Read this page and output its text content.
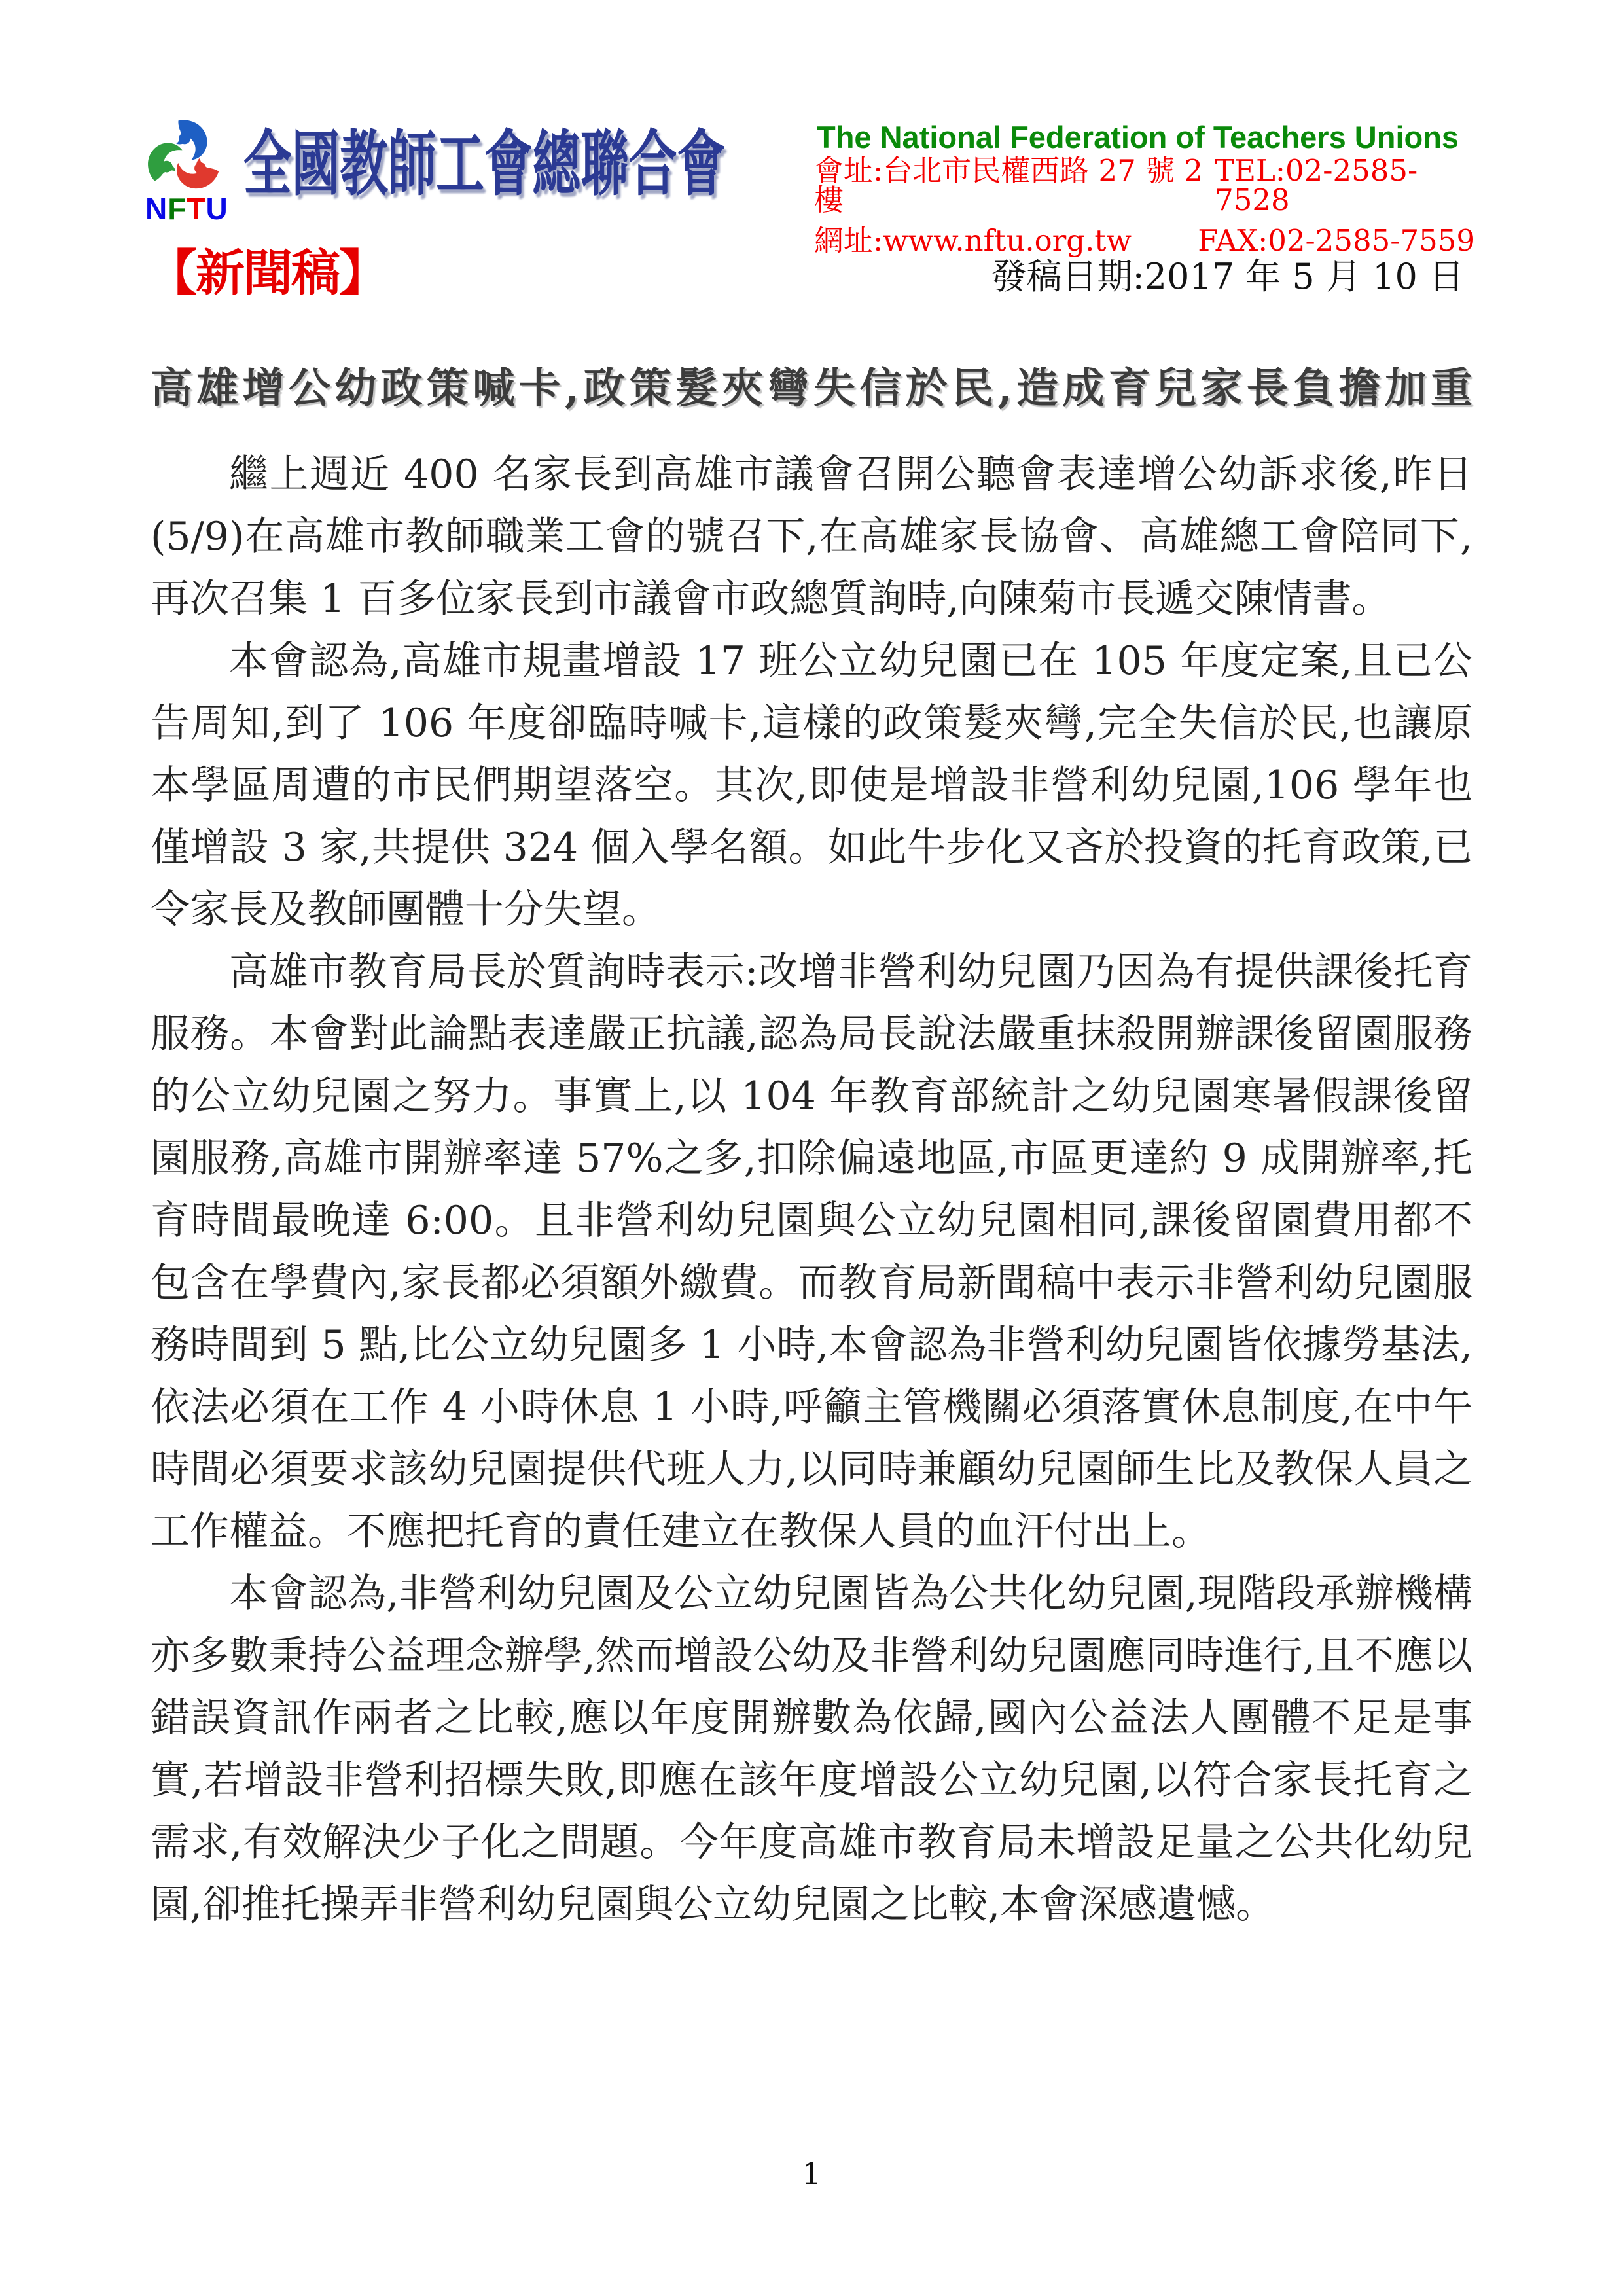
NFTU
全國教師工會總聯合會	The National Federation of Teachers Unions
會址:台北市民權西路 27 號 2 樓
TEL:02-2585-7528
網址:www.nftu.org.tw FAX:02-2585-7559
【新聞稿】	發稿日期:2017 年 5 月 10 日
高雄增公幼政策喊卡,政策髮夾彎失信於民,造成育兒家長負擔加重

繼上週近 400 名家長到高雄市議會召開公聽會表達增公幼訴求後,昨日(5/9)在高雄市教師職業工會的號召下,在高雄家長協會、高雄總工會陪同下,再次召集 1 百多位家長到市議會市政總質詢時,向陳菊市長遞交陳情書。

本會認為,高雄市規畫增設 17 班公立幼兒園已在 105 年度定案,且已公告周知,到了 106 年度卻臨時喊卡,這樣的政策髮夾彎,完全失信於民,也讓原本學區周遭的市民們期望落空。其次,即使是增設非營利幼兒園,106 學年也僅增設 3 家,共提供 324 個入學名額。如此牛步化又吝於投資的托育政策,已令家長及教師團體十分失望。

高雄市教育局長於質詢時表示:改增非營利幼兒園乃因為有提供課後托育服務。本會對此論點表達嚴正抗議,認為局長說法嚴重抹殺開辦課後留園服務的公立幼兒園之努力。事實上,以 104 年教育部統計之幼兒園寒暑假課後留園服務,高雄市開辦率達 57%之多,扣除偏遠地區,市區更達約 9 成開辦率,托育時間最晚達 6:00。且非營利幼兒園與公立幼兒園相同,課後留園費用都不包含在學費內,家長都必須額外繳費。而教育局新聞稿中表示非營利幼兒園服務時間到 5 點,比公立幼兒園多 1 小時,本會認為非營利幼兒園皆依據勞基法,依法必須在工作 4 小時休息 1 小時,呼籲主管機關必須落實休息制度,在中午時間必須要求該幼兒園提供代班人力,以同時兼顧幼兒園師生比及教保人員之工作權益。不應把托育的責任建立在教保人員的血汗付出上。

本會認為,非營利幼兒園及公立幼兒園皆為公共化幼兒園,現階段承辦機構亦多數秉持公益理念辦學,然而增設公幼及非營利幼兒園應同時進行,且不應以錯誤資訊作兩者之比較,應以年度開辦數為依歸,國內公益法人團體不足是事實,若增設非營利招標失敗,即應在該年度增設公立幼兒園,以符合家長托育之需求,有效解決少子化之問題。今年度高雄市教育局未增設足量之公共化幼兒園,卻推托操弄非營利幼兒園與公立幼兒園之比較,本會深感遺憾。

1
